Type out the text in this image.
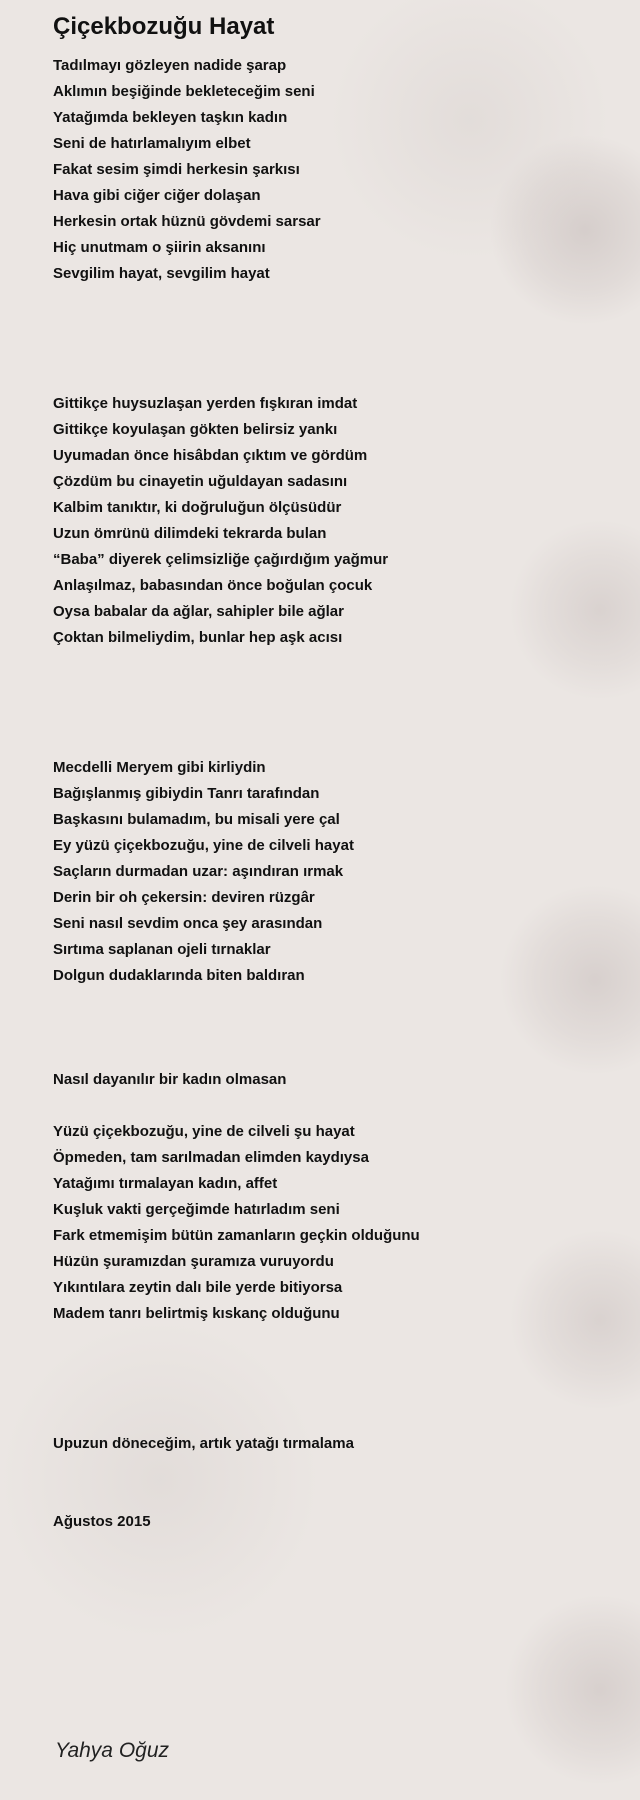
Çiçekbozuğu Hayat
Tadılmayı gözleyen nadide şarap
Aklımın beşiğinde bekleteceğim seni
Yatağımda bekleyen taşkın kadın
Seni de hatırlamalıyım elbet
Fakat sesim şimdi herkesin şarkısı
Hava gibi ciğer ciğer dolaşan
Herkesin ortak hüznü gövdemi sarsar
Hiç unutmam o şiirin aksanını
Sevgilim hayat, sevgilim hayat
Gittikçe huysuzlaşan yerden fışkıran imdat
Gittikçe koyulaşan gökten belirsiz yankı
Uyumadan önce hisâbdan çıktım ve gördüm
Çözdüm bu cinayetin uğuldayan sadasını
Kalbim tanıktır, ki doğruluğun ölçüsüdür
Uzun ömrünü dilimdeki tekrarda bulan
“Baba” diyerek çelimsizliğe çağırdığım yağmur
Anlaşılmaz, babasından önce boğulan çocuk
Oysa babalar da ağlar, sahipler bile ağlar
Çoktan bilmeliydim, bunlar hep aşk acısı
Mecdelli Meryem gibi kirliydin
Bağışlanmış gibiydin Tanrı tarafından
Başkasını bulamadım, bu misali yere çal
Ey yüzü çiçekbozuğu, yine de cilveli hayat
Saçların durmadan uzar: aşındıran ırmak
Derin bir oh çekersin: deviren rüzgâr
Seni nasıl sevdim onca şey arasından
Sırtıma saplanan ojeli tırnaklar
Dolgun dudaklarında biten baldıran
Nasıl dayanılır bir kadın olmasan
Yüzü çiçekbozuğu, yine de cilveli şu hayat
Öpmeden, tam sarılmadan elimden kaydıysa
Yatağımı tırmalayan kadın, affet
Kuşluk vakti gerçeğimde hatırladım seni
Fark etmemişim bütün zamanların geçkin olduğunu
Hüzün şuramızdan şuramıza vuruyordu
Yıkıntılara zeytin dalı bile yerde bitiyorsa
Madem tanrı belirtmiş kıskanç olduğunu
Upuzun döneceğim, artık yatağı tırmalama
Ağustos 2015
Yahya Oğuz
